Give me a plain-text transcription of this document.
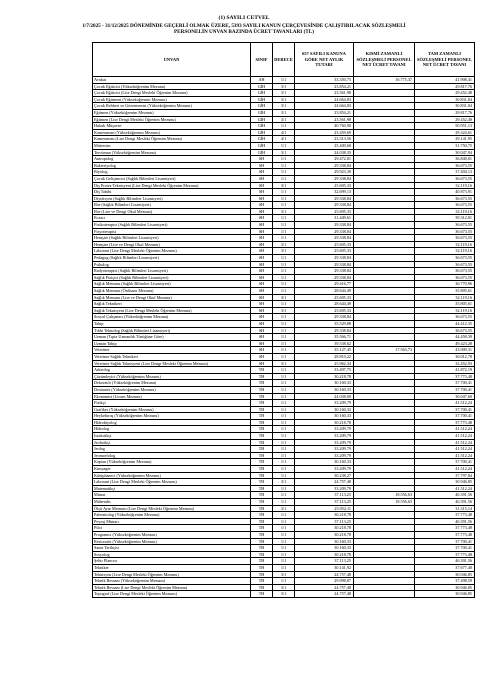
(1) SAYILI CETVEL
1/7/2025 - 31/12/2025 DÖNEMİNDE GEÇERLİ OLMAK ÜZERE, 5393 SAYILI KANUN ÇERÇEVESİNDE ÇALIŞTIRILACAK SÖZLEŞMELİ
PERSONELİN UNVAN BAZINDA ÜCRET TAVANLARI (TL)
UNVAN	SINIF	DERECE	657 SAYILI KANUNA GÖRE NET AYLIK TUTARI	KISMİ ZAMANLI SÖZLEŞMELİ PERSONEL NET ÜCRET TAVANI	TAM ZAMANLI SÖZLEŞMELİ PERSONEL NET ÜCRET TAVANI
Avukat	AH	1/1	33.350,73	16.775,37	41.908,41
Çocuk Eğiticisi (Yükseköğrenim Mezunu)	GİH	3/1	23.854,21		29.817,76
Çocuk Eğiticisi (Lise Dengi Mesleki Öğrenim Mezunu)	GİH	3/1	23.561,98		29.452,48
Çocuk Eğitmeni (Yükseköğrenim Mezunu)	GİH	3/1	24.664,83		30.831,04
Çocuk Rehberi ve Gözetmenisi (Yükseköğrenim Mezunu)	GİH	3/1	24.664,83		30.831,04
Eğitmen (Yükseköğrenim Mezunu)	GİH	3/1	23.854,21		29.817,76
Eğitmen (Lise Dengi Mesleki Öğrenim Mezunu)	GİH	3/1	23.561,98		29.452,48
Hukuk Müşaviri	GİH	1/1	40.760,90		50.951,13
Kameraman (Yükseköğrenim Mezunu)	GİH	4/1	23.459,69		29.324,61
Kameraman (Lise Dengi Mesleki Öğrenim Mezunu)	GİH	4/1	23.313,56		29.141,95
Mütercim	GİH	1/1	25.400,60		31.750,75
Tercüman (Yükseköğrenim Mezunu)	GİH	3/1	24.038,35		30.047,94
Antropolog	SH	1/1	29.472,01		36.840,01
Bakteriyolog	SH	1/1	29.338,84		36.673,55
Biyolog	SH	1/1	29.923,30		37.404,13
Çocuk Gelişimcisi (Sağlık Bilimleri Lisansiyeri)	SH	1/1	29.338,84		36.673,55
Diş Protez Teknisyeni (Lise Dengi Mesleki Öğrenim Mezunu)	SH	3/1	25.695,33		32.119,16
Diş Tabibi	SH	1/1	32.699,13		40.873,91
Diyetisyen (Sağlık Bilimleri Lisansiyeri)	SH	1/1	29.338,84		36.673,55
Ebe (Sağlık Bilimleri Lisansiyeri)	SH	1/1	29.338,84		36.673,55
Ebe (Lise ve Dengi Okul Mezunu)	SH	3/1	25.695,33		32.119,16
Eczacı	SH	1/1	31.449,61		39.312,01
Fizikoterapist (Sağlık Bilimleri Lisansiyeri)	SH	1/1	29.338,84		36.673,55
Fizyoterapist	SH	1/1	29.338,84		36.673,55
Hemşire (Sağlık Bilimleri Lisansiyeri)	SH	1/1	29.338,84		36.673,55
Hemşire (Lise ve Dengi Okul Mezunu)	SH	3/1	25.695,33		32.119,16
Laborant (Lise Dengi Mesleki Öğrenim Mezunu)	SH	3/1	25.695,33		32.119,16
Pedagog (Sağlık Bilimleri Lisansiyeri)	SH	1/1	29.338,84		36.673,55
Psikolog	SH	1/1	29.338,84		36.673,55
Radyoterapist (Sağlık Bilimleri Lisansiyeri)	SH	1/1	29.338,84		36.673,55
Sağlık Fiziçisi (Sağlık Bilimleri Lisansiyeri)	SH	1/1	29.338,84		36.673,55
Sağlık Memuru (Sağlık Bilimleri Lisansiyeri)	SH	1/1	29.416,77		36.770,96
Sağlık Memuru (Önlisans Mezunu)	SH	1/1	28.644,49		35.805,61
Sağlık Memuru (Lise ve Dengi Okul Mezunu)	SH	3/1	25.695,33		32.119,16
Sağlık Teknikeri	SH	1/1	28.644,49		35.805,61
Sağlık Teknisyeni (Lise Dengi Mesleki Öğrenim Mezunu)	SH	3/1	25.695,33		32.119,16
Sosyal Çalışmacı (Yükseköğrenim Mezunu)	SH	1/1	29.338,84		36.673,55
Tabip	SH	1/1	35.529,88		44.412,35
Tıbbi Teknolog (Sağlık Bilimleri Lisansiyeri)	SH	1/1	29.338,84		36.673,55
Uzman (Tıpta Uzmanlık Tüzüğüne Göre)	SH	1/1	35.566,71		44.458,39
Uzman Tabip	SH	1/1	39.538,62		49.423,28
Veteriner	SH	1/1	35.127,45	17.563,73	43.909,31
Veteriner Sağlık Teknikeri	SH	1/1	28.810,22		36.012,78
Veteriner Sağlık Teknisyeni (Lise Dengi Mesleki Öğrenim Mezunu)	SH	3/1	25.962,34		32.452,93
Arkeolog	TH	1/1	33.497,75		41.872,19
Çözümleyici (Yükseköğrenim Mezunu)	TH	1/1	30.218,78		37.773,48
Dekoratör (Yükseköğrenim Mezunu)	TH	1/1	30.160,33		37.700,41
Desinatör (Yükseköğrenim Mezunu)	TH	1/1	30.160,33		37.700,41
Ekonomist (Lisans Mezunu)	TH	1/1	24.038,00		30.047,60
Fizikçi	TH	1/1	33.209,79		41.512,24
Grafiker (Yükseköğrenim Mezunu)	TH	1/1	30.160,33		37.700,41
Heykeltıraş (Yükseköğrenim Mezunu)	TH	1/1	30.160,33		37.700,41
Hidrobiyolog	TH	1/1	30.218,78		37.773,48
Hidrolog	TH	1/1	33.209,79		41.512,24
İstatistikçi	TH	1/1	33.209,79		41.512,24
Jeofizikçi	TH	1/1	33.209,79		41.512,24
Jeolog	TH	1/1	33.209,79		41.512,24
Jeomorfolog	TH	1/1	33.209,79		41.512,24
Kaptan (Yükseköğrenim Mezunu)	TH	1/1	30.160,33		37.700,41
Kimyager	TH	1/1	33.209,79		41.512,24
Kütüphaneci (Yükseköğrenim Mezunu)	TH	1/1	30.238,27		37.797,84
Laborant (Lise Dengi Mesleki Öğrenim Mezunu)	TH	3/1	24.757,48		30.946,85
Matematikçi	TH	1/1	33.209,79		41.512,24
Mimar	TH	1/1	37.113,25	18.556,63	46.391,56
Mühendis	TH	1/1	37.113,25	18.556,63	46.391,56
Ölçü Ayar Memuru (Lise Dengi Mesleki Öğrenim Mezunu)	TH	3/1	25.052,11		31.315,14
Paleontolog (Yükseköğrenim Mezunu)	TH	1/1	30.218,78		37.773,48
Peyzaj Mimarı	TH	1/1	37.113,25		46.391,56
Pilot	TH	1/1	30.218,78		37.773,48
Programcı (Yükseköğrenim Mezunu)	TH	1/1	30.218,78		37.773,48
Restoratör (Yükseköğrenim Mezunu)	TH	1/1	30.160,33		37.700,41
Sanat Tarihçisi	TH	1/1	30.160,33		37.700,41
Sosyolog	TH	1/1	30.218,78		37.773,48
Şehir Plancısı	TH	1/1	37.113,25		46.391,56
Tekniker	TH	1/1	30.141,92		37.677,40
Teknisyen (Lise Dengi Mesleki Öğrenim Mezunu)	TH	3/1	24.757,48		30.946,85
Teknik Ressam (Yükseköğrenim Mezunu)	TH	1/1	29.998,87		37.498,59
Teknik Ressam (Lise Dengi Mesleki Öğrenim Mezunu)	TH	3/1	24.757,48		30.946,85
Topograf (Lise Dengi Mesleki Öğrenim Mezunu)	TH	3/1	24.757,48		30.946,85
